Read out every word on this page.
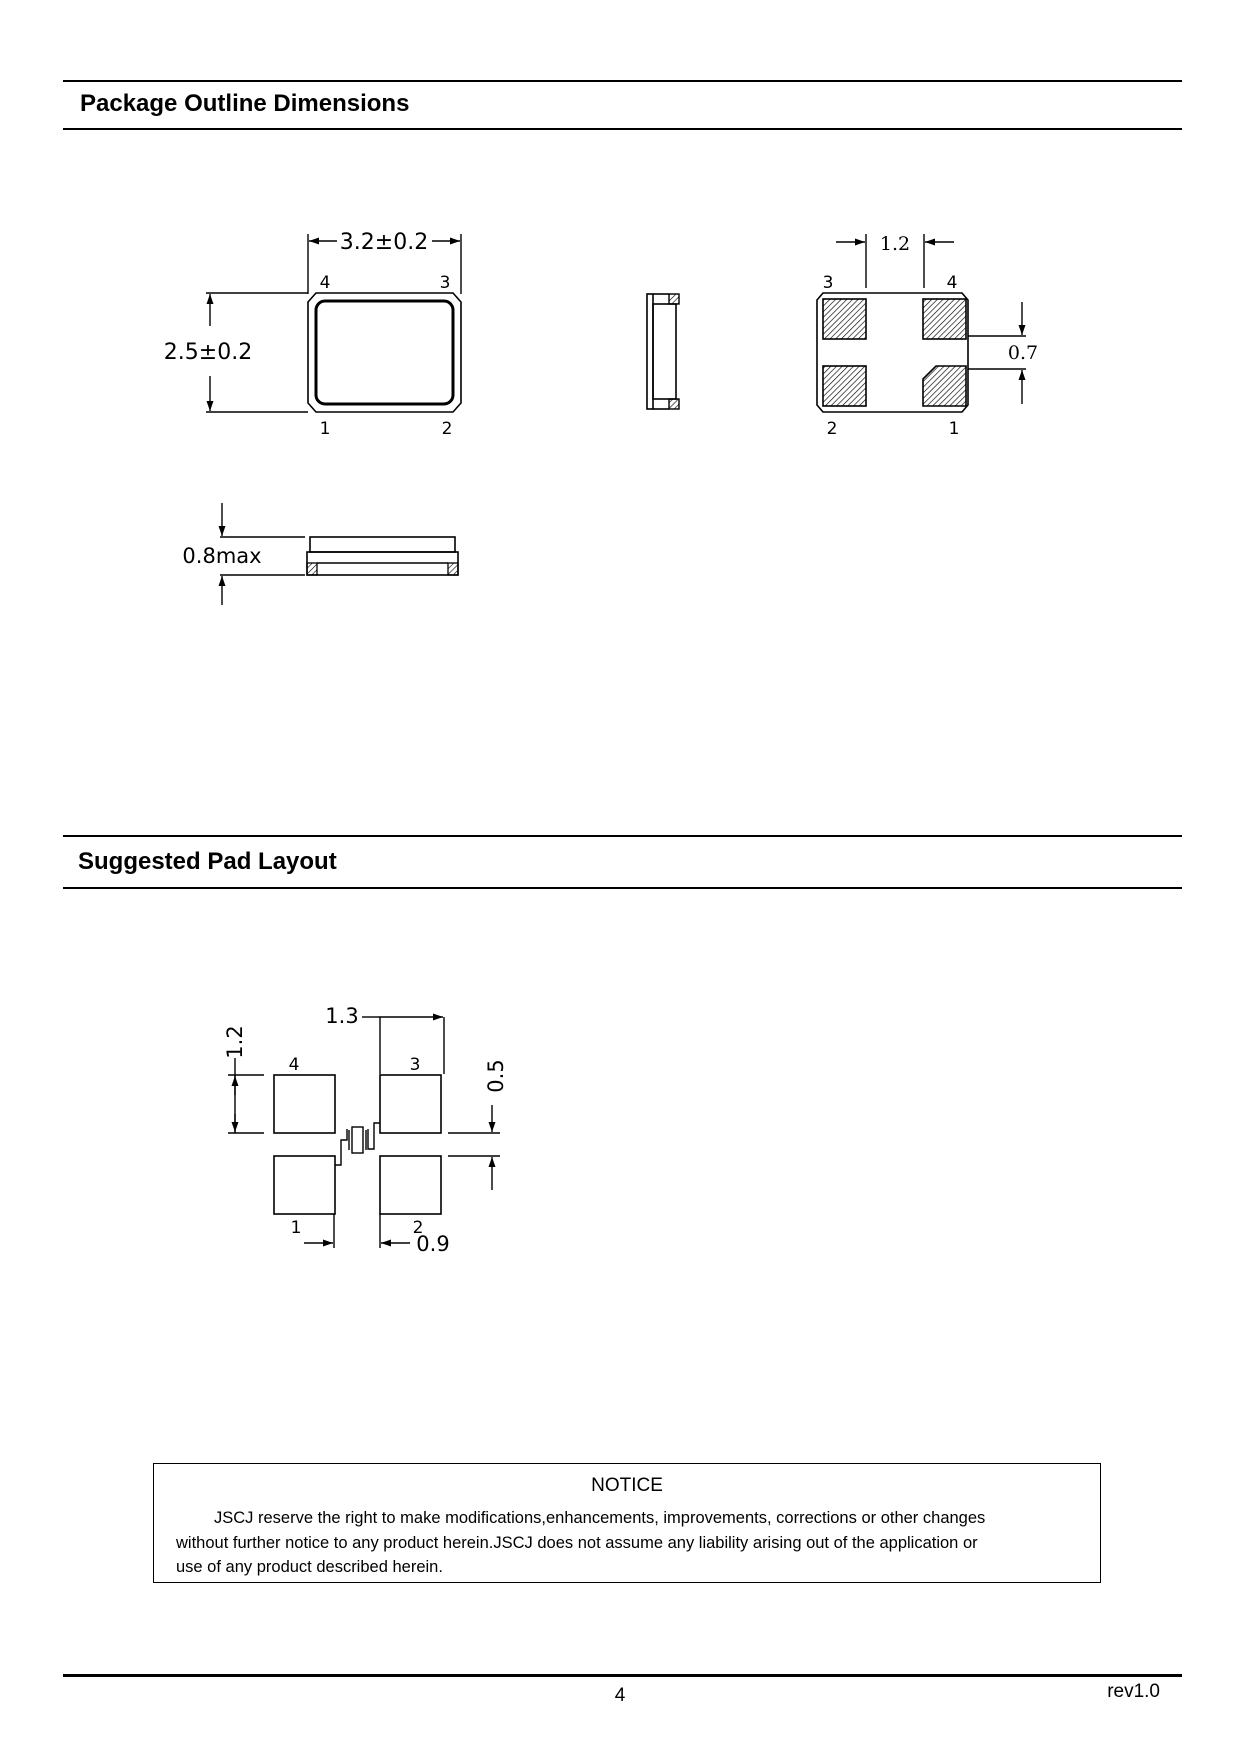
Package Outline Dimensions
3.2±0.2
2.5±0.2
4	3
1	2
1.2
0.7
3	4
2	1
0.8max
Suggested Pad Layout
1.2
1.3
0.5
0.9
4	3
1	2
NOTICE
JSCJ reserve the right to make modifications,enhancements, improvements, corrections or other changes
without further notice to any product herein.JSCJ does not assume any liability arising out of the application or
use of any product described herein.
4	rev1.0
